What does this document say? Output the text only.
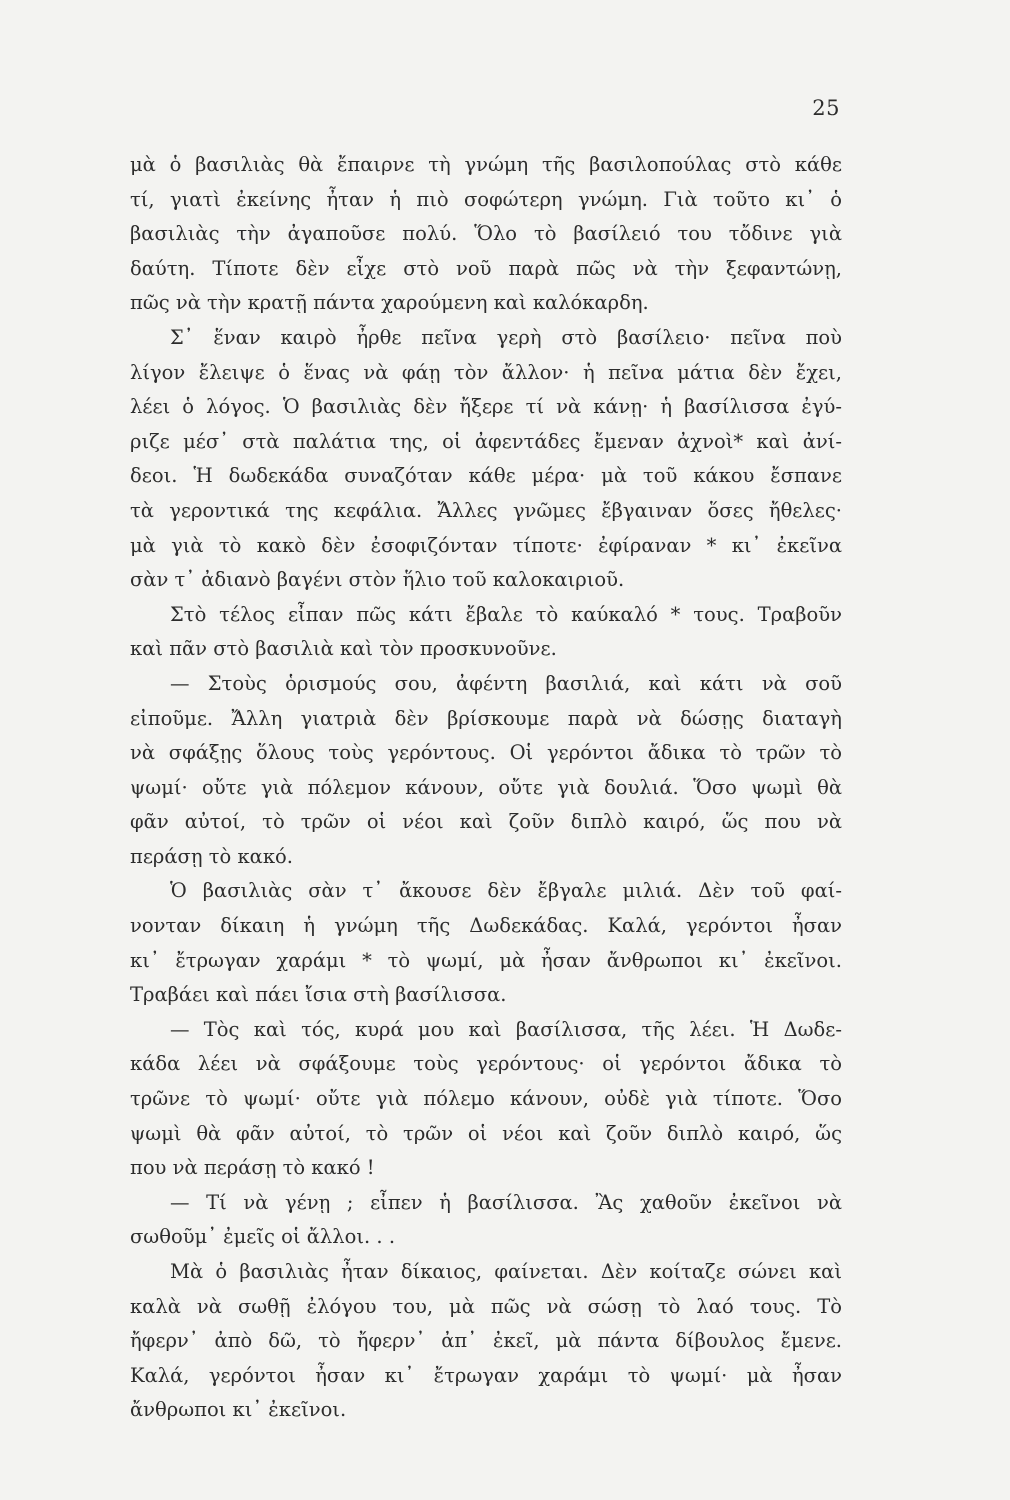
25
μὰ ὁ βασιλιὰς θὰ ἔπαιρνε τὴ γνώμη τῆς βασιλοπούλας στὸ κάθε
τί, γιατὶ ἐκείνης ἦταν ἡ πιὸ σοφώτερη γνώμη. Γιὰ τοῦτο κι᾿ ὁ
βασιλιὰς τὴν ἀγαποῦσε πολύ. Ὅλο τὸ βασίλειό του τὄδινε γιὰ
δαύτη. Τίποτε δὲν εἶχε στὸ νοῦ παρὰ πῶς νὰ τὴν ξεφαντώνῃ,
πῶς νὰ τὴν κρατῇ πάντα χαρούμενη καὶ καλόκαρδη.
Σ᾿ ἕναν καιρὸ ἦρθε πεῖνα γερὴ στὸ βασίλειο· πεῖνα ποὺ
λίγον ἔλειψε ὁ ἕνας νὰ φάῃ τὸν ἄλλον· ἡ πεῖνα μάτια δὲν ἔχει,
λέει ὁ λόγος. Ὁ βασιλιὰς δὲν ἤξερε τί νὰ κάνῃ· ἡ βασίλισσα ἐγύ-
ριζε μέσ᾿ στὰ παλάτια της, οἱ ἀφεντάδες ἔμεναν ἀχνοὶ* καὶ ἀνί-
δεοι. Ἡ δωδεκάδα συναζόταν κάθε μέρα· μὰ τοῦ κάκου ἔσπανε
τὰ γεροντικά της κεφάλια. Ἄλλες γνῶμες ἔβγαιναν ὅσες ἤθελες·
μὰ γιὰ τὸ κακὸ δὲν ἐσοφιζόνταν τίποτε· ἐφίραναν * κι᾿ ἐκεῖνα
σὰν τ᾿ ἀδιανὸ βαγένι στὸν ἥλιο τοῦ καλοκαιριοῦ.
Στὸ τέλος εἶπαν πῶς κάτι ἔβαλε τὸ καύκαλό * τους. Τραβοῦν
καὶ πᾶν στὸ βασιλιὰ καὶ τὸν προσκυνοῦνε.
— Στοὺς ὁρισμούς σου, ἀφέντη βασιλιά, καὶ κάτι νὰ σοῦ
εἰποῦμε. Ἄλλη γιατριὰ δὲν βρίσκουμε παρὰ νὰ δώσῃς διαταγὴ
νὰ σφάξῃς ὅλους τοὺς γερόντους. Οἱ γερόντοι ἄδικα τὸ τρῶν τὸ
ψωμί· οὔτε γιὰ πόλεμον κάνουν, οὔτε γιὰ δουλιά. Ὅσο ψωμὶ θὰ
φᾶν αὐτοί, τὸ τρῶν οἱ νέοι καὶ ζοῦν διπλὸ καιρό, ὥς που νὰ
περάσῃ τὸ κακό.
Ὁ βασιλιὰς σὰν τ᾿ ἄκουσε δὲν ἔβγαλε μιλιά. Δὲν τοῦ φαί-
νονταν δίκαιη ἡ γνώμη τῆς Δωδεκάδας. Καλά, γερόντοι ἦσαν
κι᾿ ἔτρωγαν χαράμι * τὸ ψωμί, μὰ ἦσαν ἄνθρωποι κι᾿ ἐκεῖνοι.
Τραβάει καὶ πάει ἴσια στὴ βασίλισσα.
— Τὸς καὶ τός, κυρά μου καὶ βασίλισσα, τῆς λέει. Ἡ Δωδε-
κάδα λέει νὰ σφάξουμε τοὺς γερόντους· οἱ γερόντοι ἄδικα τὸ
τρῶνε τὸ ψωμί· οὔτε γιὰ πόλεμο κάνουν, οὐδὲ γιὰ τίποτε. Ὅσο
ψωμὶ θὰ φᾶν αὐτοί, τὸ τρῶν οἱ νέοι καὶ ζοῦν διπλὸ καιρό, ὥς
που νὰ περάσῃ τὸ κακό !
— Τί νὰ γένῃ ; εἶπεν ἡ βασίλισσα. Ἂς χαθοῦν ἐκεῖνοι νὰ
σωθοῦμ᾿ ἐμεῖς οἱ ἄλλοι. . .
Μὰ ὁ βασιλιὰς ἦταν δίκαιος, φαίνεται. Δὲν κοίταζε σώνει καὶ
καλὰ νὰ σωθῇ ἐλόγου του, μὰ πῶς νὰ σώσῃ τὸ λαό τους. Τὸ
ἤφερν᾿ ἀπὸ δῶ, τὸ ἤφερν᾿ ἀπ᾿ ἐκεῖ, μὰ πάντα δίβουλος ἔμενε.
Καλά, γερόντοι ἦσαν κι᾿ ἔτρωγαν χαράμι τὸ ψωμί· μὰ ἦσαν
ἄνθρωποι κι᾿ ἐκεῖνοι.
